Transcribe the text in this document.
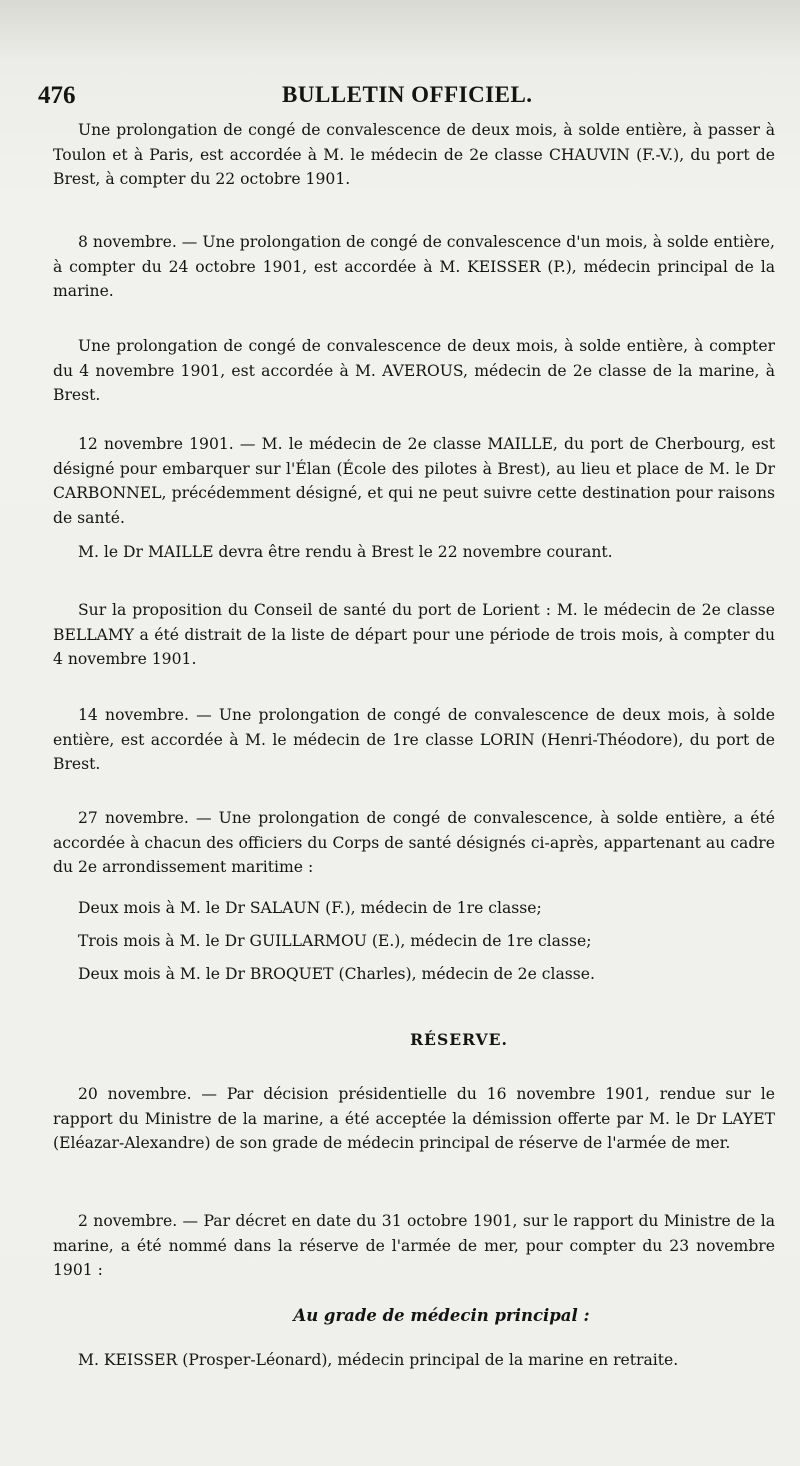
476	BULLETIN OFFICIEL.

Une prolongation de congé de convalescence de deux mois, à solde entière, à passer à Toulon et à Paris, est accordée à M. le médecin de 2e classe CHAUVIN (F.-V.), du port de Brest, à compter du 22 octobre 1901.

8 novembre. — Une prolongation de congé de convalescence d'un mois, à solde entière, à compter du 24 octobre 1901, est accordée à M. KEISSER (P.), médecin principal de la marine.

Une prolongation de congé de convalescence de deux mois, à solde entière, à compter du 4 novembre 1901, est accordée à M. AVEROUS, médecin de 2e classe de la marine, à Brest.

12 novembre 1901. — M. le médecin de 2e classe MAILLE, du port de Cherbourg, est désigné pour embarquer sur l'Élan (École des pilotes à Brest), au lieu et place de M. le Dr CARBONNEL, précédemment désigné, et qui ne peut suivre cette destination pour raisons de santé.

M. le Dr MAILLE devra être rendu à Brest le 22 novembre courant.

Sur la proposition du Conseil de santé du port de Lorient : M. le médecin de 2e classe BELLAMY a été distrait de la liste de départ pour une période de trois mois, à compter du 4 novembre 1901.

14 novembre. — Une prolongation de congé de convalescence de deux mois, à solde entière, est accordée à M. le médecin de 1re classe LORIN (Henri-Théodore), du port de Brest.

27 novembre. — Une prolongation de congé de convalescence, à solde entière, a été accordée à chacun des officiers du Corps de santé désignés ci-après, appartenant au cadre du 2e arrondissement maritime :

Deux mois à M. le Dr SALAUN (F.), médecin de 1re classe;
Trois mois à M. le Dr GUILLARMOU (E.), médecin de 1re classe;
Deux mois à M. le Dr BROQUET (Charles), médecin de 2e classe.
RÉSERVE.

20 novembre. — Par décision présidentielle du 16 novembre 1901, rendue sur le rapport du Ministre de la marine, a été acceptée la démission offerte par M. le Dr LAYET (Eléazar-Alexandre) de son grade de médecin principal de réserve de l'armée de mer.

2 novembre. — Par décret en date du 31 octobre 1901, sur le rapport du Ministre de la marine, a été nommé dans la réserve de l'armée de mer, pour compter du 23 novembre 1901 :

Au grade de médecin principal :

M. KEISSER (Prosper-Léonard), médecin principal de la marine en retraite.
